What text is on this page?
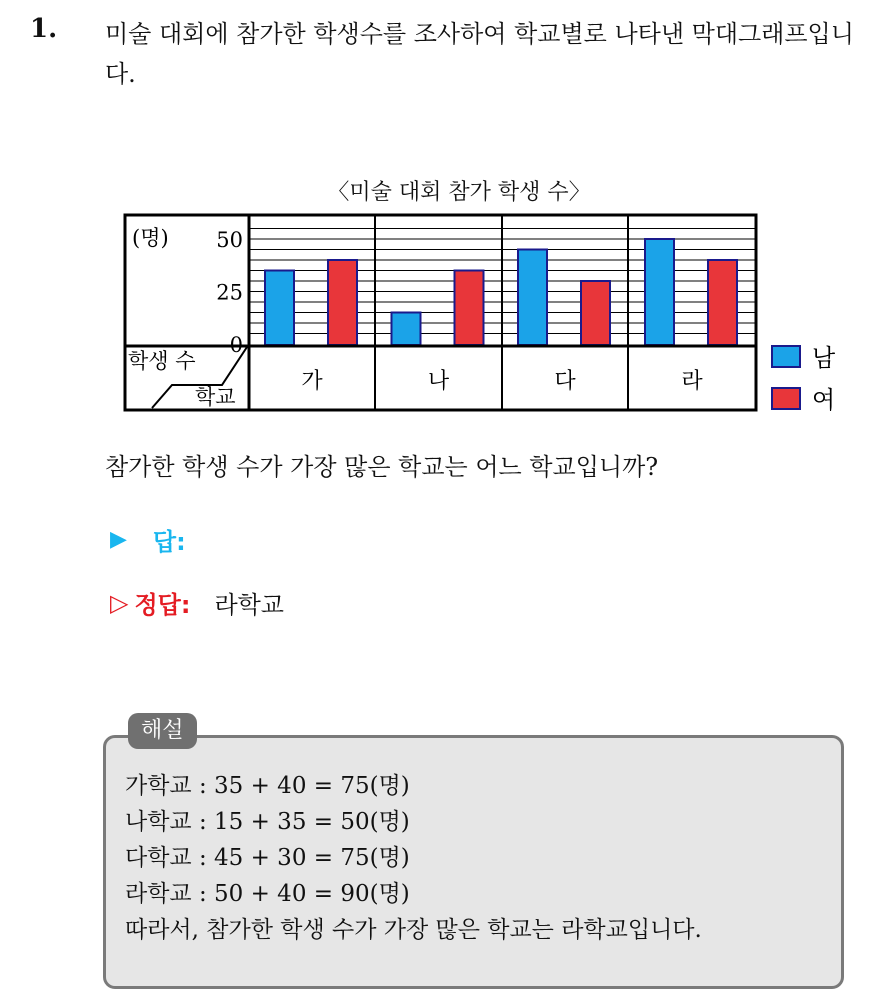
1. 미술 대회에 참가한 학생수를 조사하여 학교별로 나타낸 막대그래프입니다.
〈미술 대회 참가 학생 수〉
(명)
학생 수
학교
0
25
50
가	나	다	라
남
여
참가한 학생 수가 가장 많은 학교는 어느 학교입니까?
▶ 답:
▷ 정답: 라학교
해설
가학교 : 35 + 40 = 75(명)
나학교 : 15 + 35 = 50(명)
다학교 : 45 + 30 = 75(명)
라학교 : 50 + 40 = 90(명)
따라서, 참가한 학생 수가 가장 많은 학교는 라학교입니다.
